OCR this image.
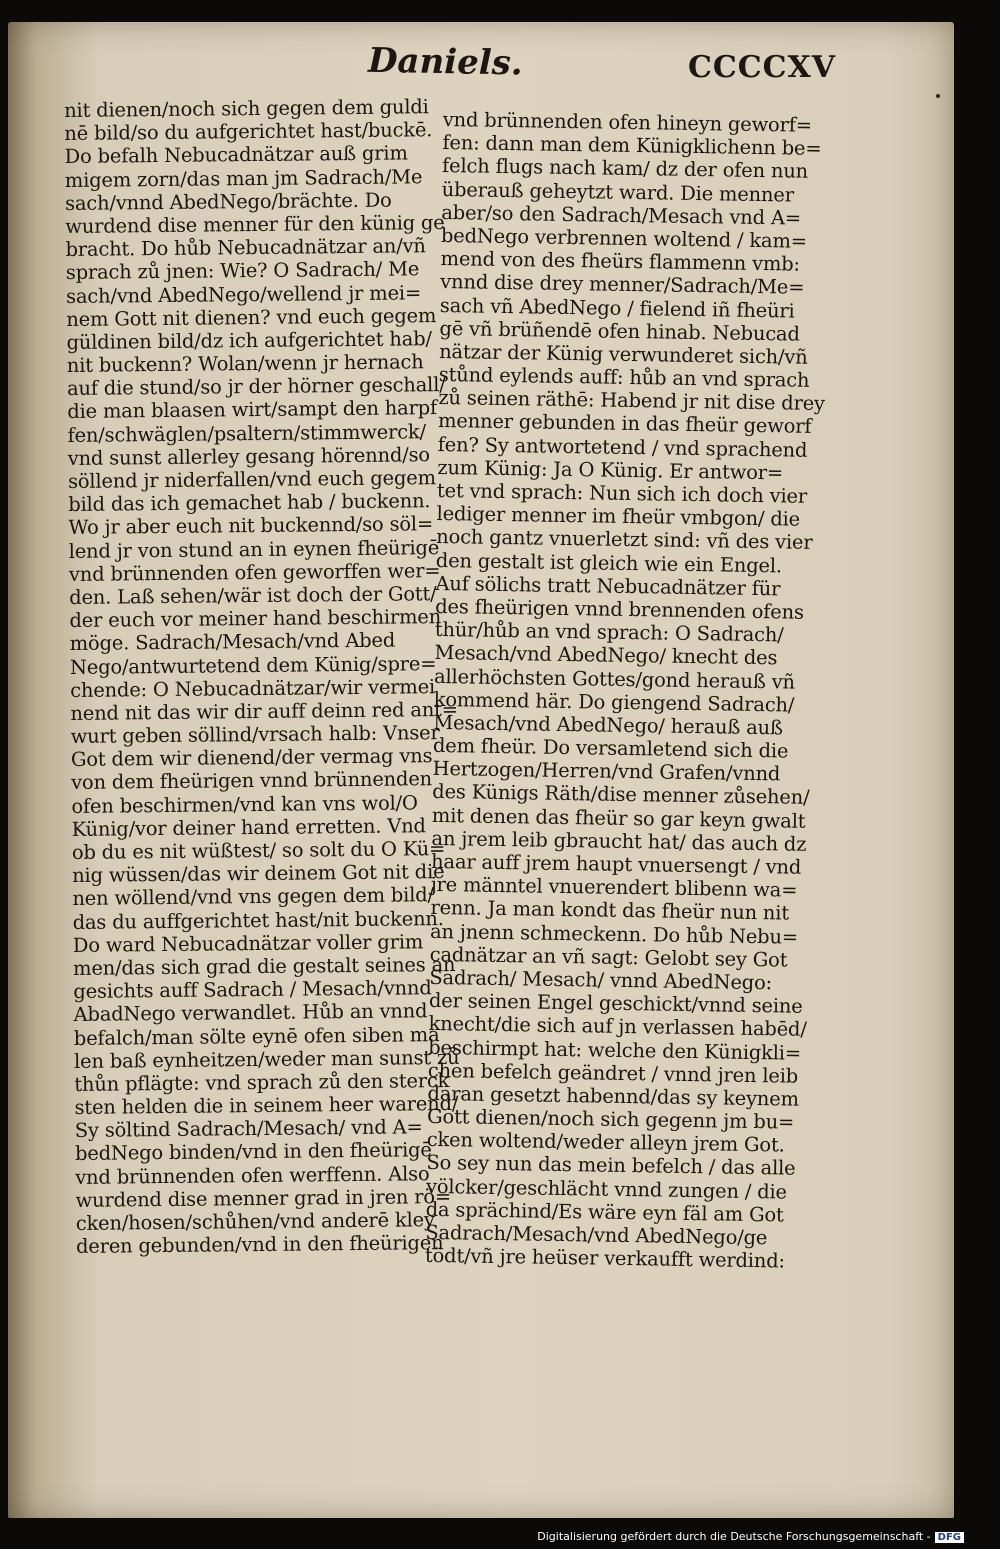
Daniels.	CCCCXV
nit dienen/noch sich gegen dem guldi
nē bild/so du aufgerichtet hast/buckē.
Do befalh Nebucadnätzar auß grim
migem zorn/das man jm Sadrach/Me
sach/vnnd AbedNego/brächte. Do
wurdend dise menner für den künig ge
bracht. Do hůb Nebucadnätzar an/vñ
sprach zů jnen: Wie? O Sadrach/ Me
sach/vnd AbedNego/wellend jr mei=
nem Gott nit dienen? vnd euch gegem
güldinen bild/dz ich aufgerichtet hab/
nit buckenn? Wolan/wenn jr hernach
auf die stund/so jr der hörner geschall/
die man blaasen wirt/sampt den harpf
fen/schwäglen/psaltern/stimmwerck/
vnd sunst allerley gesang hörennd/so
söllend jr niderfallen/vnd euch gegem
bild das ich gemachet hab / buckenn.
Wo jr aber euch nit buckennd/so söl=
lend jr von stund an in eynen fheürigē
vnd brünnenden ofen geworffen wer=
den. Laß sehen/wär ist doch der Gott/
der euch vor meiner hand beschirmen
möge. Sadrach/Mesach/vnd Abed
Nego/antwurtetend dem Künig/spre=
chende: O Nebucadnätzar/wir vermei
nend nit das wir dir auff deinn red ant=
wurt geben söllind/vrsach halb: Vnser
Got dem wir dienend/der vermag vns
von dem fheürigen vnnd brünnenden
ofen beschirmen/vnd kan vns wol/O
Künig/vor deiner hand erretten. Vnd
ob du es nit wüßtest/ so solt du O Kü=
nig wüssen/das wir deinem Got nit die
nen wöllend/vnd vns gegen dem bild/
das du auffgerichtet hast/nit buckenn.
Do ward Nebucadnätzar voller grim
men/das sich grad die gestalt seines an
gesichts auff Sadrach / Mesach/vnnd
AbadNego verwandlet. Hůb an vnnd
befalch/man sölte eynē ofen siben ma
len baß eynheitzen/weder man sunst zů
thůn pflägte: vnd sprach zů den sterck
sten helden die in seinem heer warend/
Sy söltind Sadrach/Mesach/ vnd A=
bedNego binden/vnd in den fheürigē
vnd brünnenden ofen werffenn. Also
wurdend dise menner grad in jren rö=
cken/hosen/schůhen/vnd anderē kley
deren gebunden/vnd in den fheürigen
vnd brünnenden ofen hineyn geworf=
fen: dann man dem Künigklichenn be=
felch flugs nach kam/ dz der ofen nun
überauß geheytzt ward. Die menner
aber/so den Sadrach/Mesach vnd A=
bedNego verbrennen woltend / kam=
mend von des fheürs flammenn vmb:
vnnd dise drey menner/Sadrach/Me=
sach vñ AbedNego / fielend iñ fheüri
gē vñ brüñendē ofen hinab. Nebucad
nätzar der Künig verwunderet sich/vñ
stůnd eylends auff: hůb an vnd sprach
zů seinen räthē: Habend jr nit dise drey
menner gebunden in das fheür geworf
fen? Sy antwortetend / vnd sprachend
zum Künig: Ja O Künig. Er antwor=
tet vnd sprach: Nun sich ich doch vier
lediger menner im fheür vmbgon/ die
noch gantz vnuerletzt sind: vñ des vier
den gestalt ist gleich wie ein Engel.
Auf sölichs tratt Nebucadnätzer für
des fheürigen vnnd brennenden ofens
thür/hůb an vnd sprach: O Sadrach/
Mesach/vnd AbedNego/ knecht des
allerhöchsten Gottes/gond herauß vñ
kommend här. Do giengend Sadrach/
Mesach/vnd AbedNego/ herauß auß
dem fheür. Do versamletend sich die
Hertzogen/Herren/vnd Grafen/vnnd
des Künigs Räth/dise menner zůsehen/
mit denen das fheür so gar keyn gwalt
an jrem leib gbraucht hat/ das auch dz
haar auff jrem haupt vnuersengt / vnd
jre männtel vnuerendert blibenn wa=
renn. Ja man kondt das fheür nun nit
an jnenn schmeckenn. Do hůb Nebu=
cadnätzar an vñ sagt: Gelobt sey Got
Sadrach/ Mesach/ vnnd AbedNego:
der seinen Engel geschickt/vnnd seine
knecht/die sich auf jn verlassen habēd/
beschirmpt hat: welche den Künigkli=
chen befelch geändret / vnnd jren leib
daran gesetzt habennd/das sy keynem
Gott dienen/noch sich gegenn jm bu=
cken woltend/weder alleyn jrem Got.
So sey nun das mein befelch / das alle
völcker/geschlächt vnnd zungen / die
da sprächind/Es wäre eyn fäl am Got
Sadrach/Mesach/vnd AbedNego/ge
tödt/vñ jre heüser verkaufft werdind:
Digitalisierung gefördert durch die Deutsche Forschungsgemeinschaft - DFG
